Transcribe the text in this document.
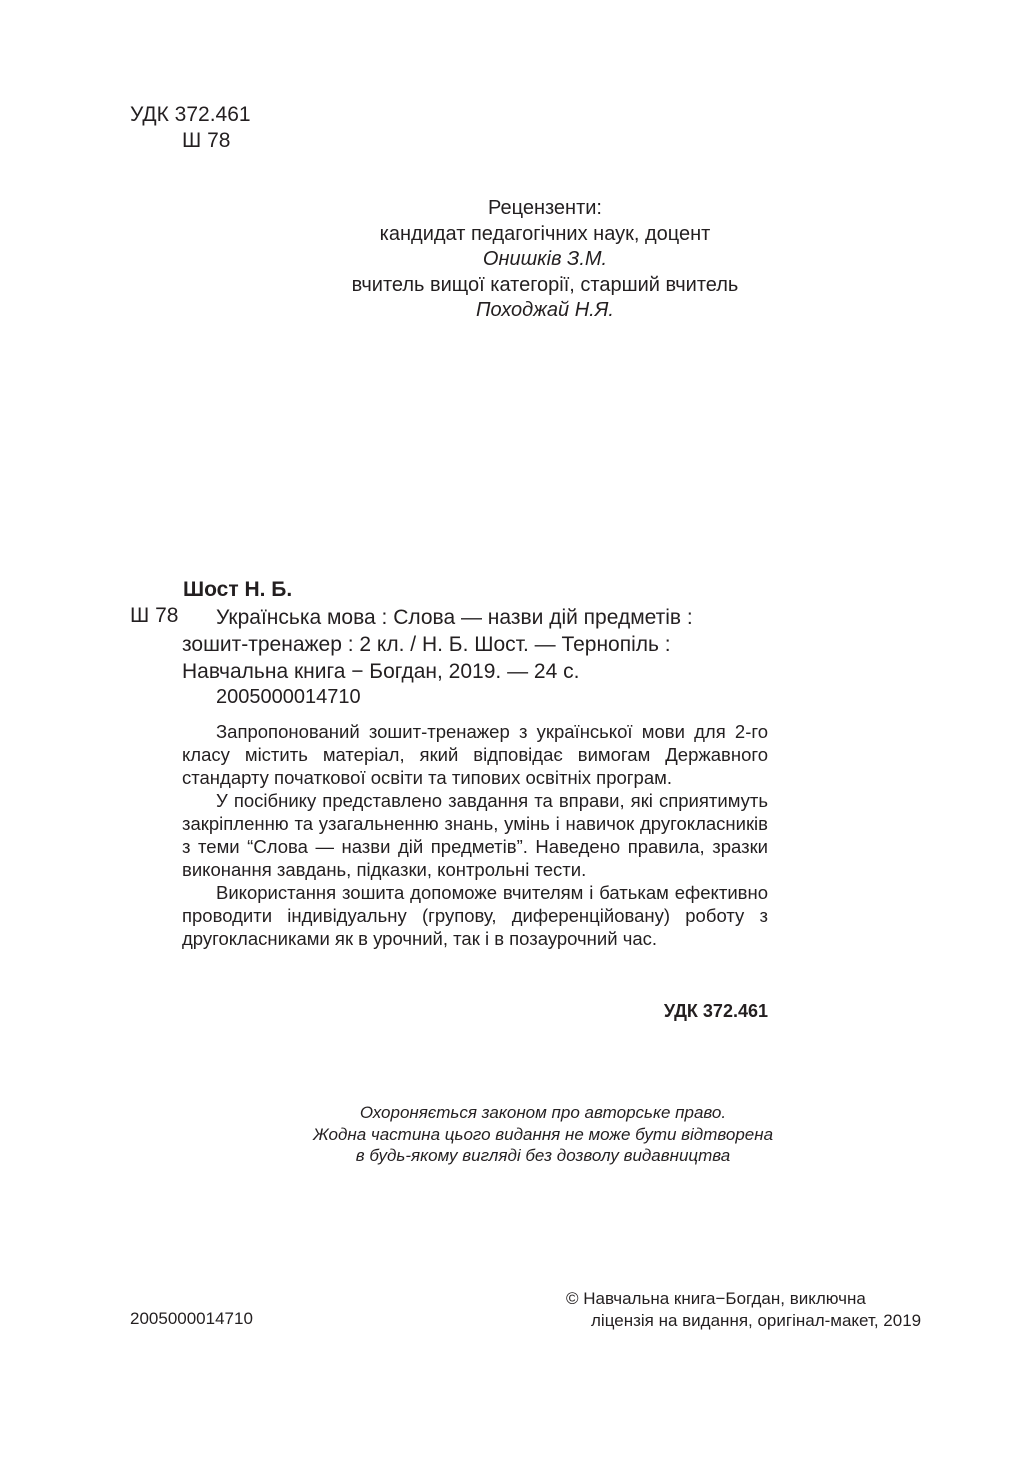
УДК 372.461
Ш 78
Рецензенти:
кандидат педагогічних наук, доцент
Онишків З.М.
вчитель вищої категорії, старший вчитель
Походжай Н.Я.
Шост Н. Б.
Ш 78 Українська мова : Слова — назви дій предметів :
зошит-тренажер : 2 кл. / Н. Б. Шост. — Тернопіль :
Навчальна книга − Богдан, 2019. — 24 с.
2005000014710

Запропонований зошит-тренажер з української мови для 2-го класу містить матеріал, який відповідає вимогам Державного стандарту початкової освіти та типових освітніх програм.

У посібнику представлено завдання та вправи, які сприятимуть закріпленню та узагальненню знань, умінь і навичок другокласників з теми “Слова — назви дій предметів”. Наведено правила, зразки виконання завдань, підказки, контрольні тести.

Використання зошита допоможе вчителям і батькам ефективно проводити індивідуальну (групову, диференційовану) роботу з другокласниками як в урочний, так і в позаурочний час.

УДК 372.461
Охороняється законом про авторське право.
Жодна частина цього видання не може бути відтворена
в будь-якому вигляді без дозволу видавництва
2005000014710
© Навчальна книга−Богдан, виключна
ліцензія на видання, оригінал-макет, 2019
